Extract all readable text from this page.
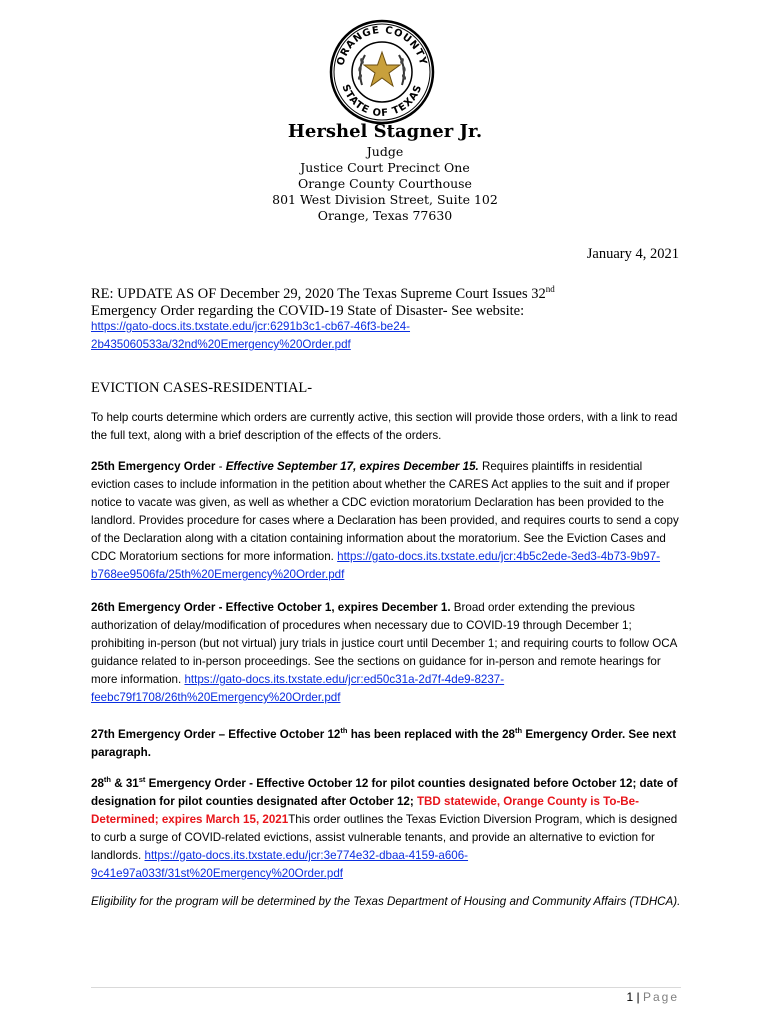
ORANGE COUNTY
STATE OF TEXAS
Hershel Stagner Jr.
Judge
Justice Court Precinct One
Orange County Courthouse
801 West Division Street, Suite 102
Orange, Texas 77630
January 4, 2021
RE: UPDATE AS OF December 29, 2020 The Texas Supreme Court Issues 32nd
Emergency Order regarding the COVID-19 State of Disaster- See website:
https://gato-docs.its.txstate.edu/jcr:6291b3c1-cb67-46f3-be24-
2b435060533a/32nd%20Emergency%20Order.pdf
EVICTION CASES-RESIDENTIAL-
To help courts determine which orders are currently active, this section will provide those orders, with a link to read the full text, along with a brief description of the effects of the orders.
25th Emergency Order - Effective September 17, expires December 15. Requires plaintiffs in residential eviction cases to include information in the petition about whether the CARES Act applies to the suit and if proper notice to vacate was given, as well as whether a CDC eviction moratorium Declaration has been provided to the landlord. Provides procedure for cases where a Declaration has been provided, and requires courts to send a copy of the Declaration along with a citation containing information about the moratorium. See the Eviction Cases and CDC Moratorium sections for more information. https://gato-docs.its.txstate.edu/jcr:4b5c2ede-3ed3-4b73-9b97-b768ee9506fa/25th%20Emergency%20Order.pdf
26th Emergency Order - Effective October 1, expires December 1. Broad order extending the previous authorization of delay/modification of procedures when necessary due to COVID-19 through December 1; prohibiting in-person (but not virtual) jury trials in justice court until December 1; and requiring courts to follow OCA guidance related to in-person proceedings. See the sections on guidance for in-person and remote hearings for more information. https://gato-docs.its.txstate.edu/jcr:ed50c31a-2d7f-4de9-8237-feebc79f1708/26th%20Emergency%20Order.pdf
27th Emergency Order – Effective October 12th has been replaced with the 28th Emergency Order. See next paragraph.
28th & 31st Emergency Order - Effective October 12 for pilot counties designated before October 12; date of designation for pilot counties designated after October 12; TBD statewide, Orange County is To-Be-Determined; expires March 15, 2021This order outlines the Texas Eviction Diversion Program, which is designed to curb a surge of COVID-related evictions, assist vulnerable tenants, and provide an alternative to eviction for landlords. https://gato-docs.its.txstate.edu/jcr:3e774e32-dbaa-4159-a606-9c41e97a033f/31st%20Emergency%20Order.pdf
Eligibility for the program will be determined by the Texas Department of Housing and Community Affairs (TDHCA).
1 | Page
